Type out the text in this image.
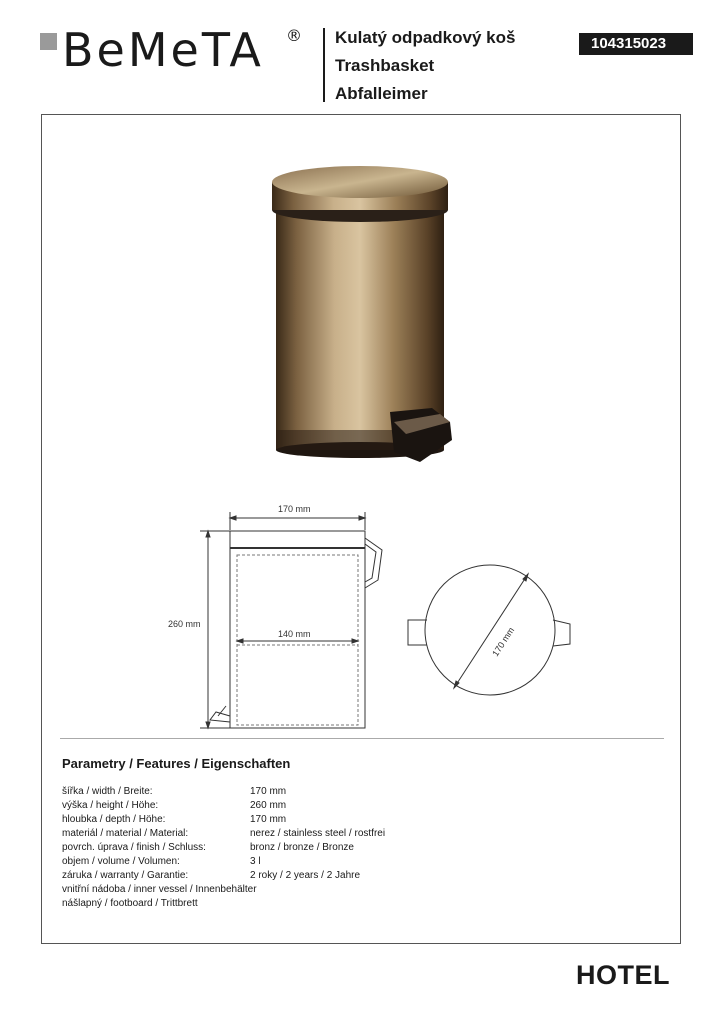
BeMeTA ® Kulatý odpadkový koš
Trashbasket
Abfalleimer
104315023
170 mm
260 mm
140 mm	170 mm
Parametry / Features / Eigenschaften
šířka / width / Breite:	170 mm
výška / height / Höhe:	260 mm
hloubka / depth / Höhe:	170 mm
materiál / material / Material:	nerez / stainless steel / rostfrei
povrch. úprava / finish / Schluss:	bronz / bronze / Bronze
objem / volume / Volumen:	3 l
záruka / warranty / Garantie:	2 roky / 2 years / 2 Jahre
vnitřní nádoba / inner vessel / Innenbehälter
nášlapný / footboard / Trittbrett
HOTEL
